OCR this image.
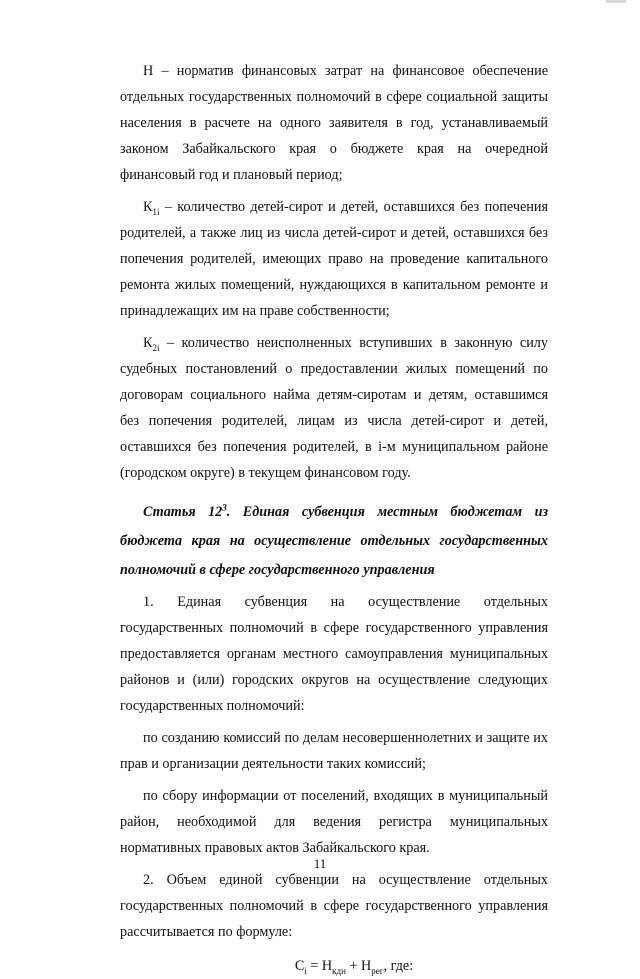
Н – норматив финансовых затрат на финансовое обеспечение отдельных государственных полномочий в сфере социальной защиты населения в расчете на одного заявителя в год, устанавливаемый законом Забайкальского края о бюджете края на очередной финансовый год и плановый период;

$К_{1i}$ – количество детей-сирот и детей, оставшихся без попечения родителей, а также лиц из числа детей-сирот и детей, оставшихся без попечения родителей, имеющих право на проведение капитального ремонта жилых помещений, нуждающихся в капитальном ремонте и принадлежащих им на праве собственности;

$К_{2i}$ – количество неисполненных вступивших в законную силу судебных постановлений о предоставлении жилых помещений по договорам социального найма детям-сиротам и детям, оставшимся без попечения родителей, лицам из числа детей-сирот и детей, оставшихся без попечения родителей, в i-м муниципальном районе (городском округе) в текущем финансовом году.

Статья $12^3$. Единая субвенция местным бюджетам из бюджета края на осуществление отдельных государственных полномочий в сфере государственного управления

1. Единая субвенция на осуществление отдельных государственных полномочий в сфере государственного управления предоставляется органам местного самоуправления муниципальных районов и (или) городских округов на осуществление следующих государственных полномочий:

по созданию комиссий по делам несовершеннолетних и защите их прав и организации деятельности таких комиссий;

по сбору информации от поселений, входящих в муниципальный район, необходимой для ведения регистра муниципальных нормативных правовых актов Забайкальского края.

2. Объем единой субвенции на осуществление отдельных государственных полномочий в сфере государственного управления рассчитывается по формуле:

$С_i = Н_{кдн} + Н_{рег}$, где:

11
